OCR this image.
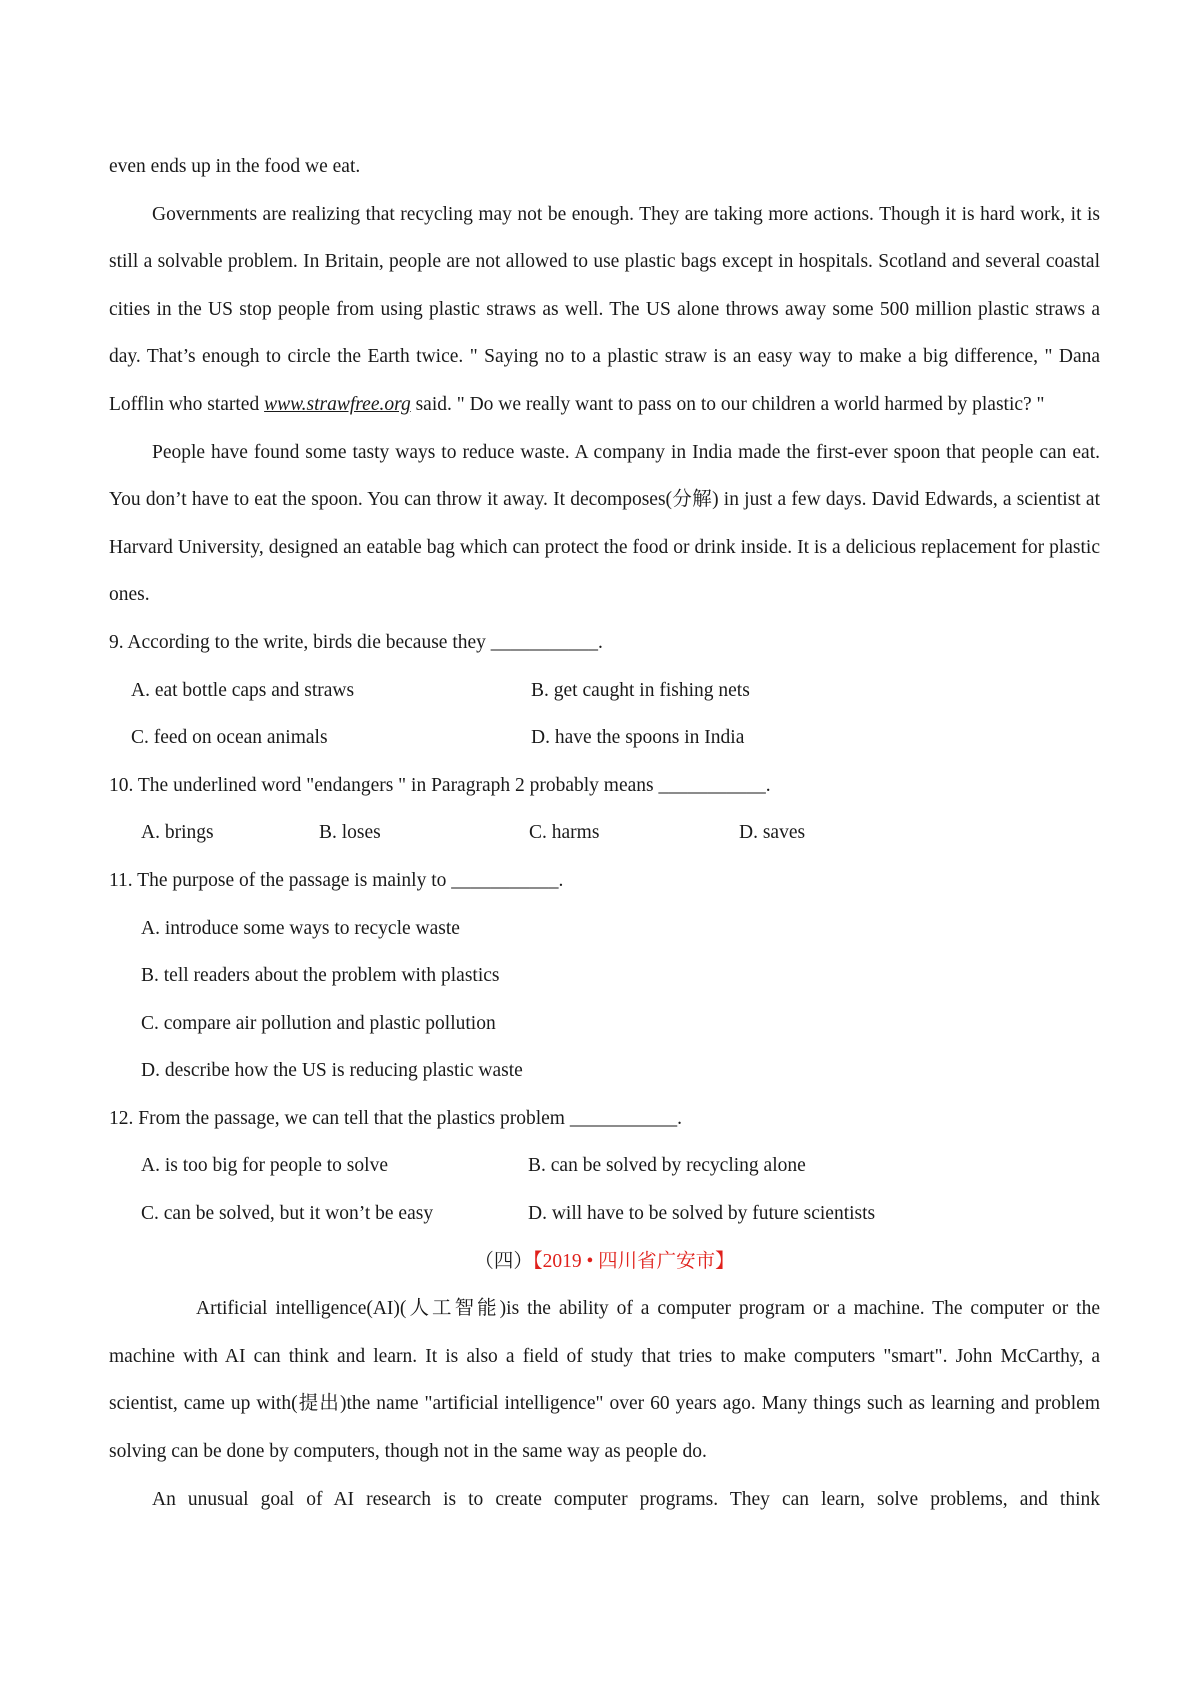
even ends up in the food we eat.

Governments are realizing that recycling may not be enough. They are taking more actions. Though it is hard work, it is still a solvable problem. In Britain, people are not allowed to use plastic bags except in hospitals. Scotland and several coastal cities in the US stop people from using plastic straws as well. The US alone throws away some 500 million plastic straws a day. That’s enough to circle the Earth twice. " Saying no to a plastic straw is an easy way to make a big difference, " Dana Lofflin who started www.strawfree.org said. " Do we really want to pass on to our children a world harmed by plastic? "

People have found some tasty ways to reduce waste. A company in India made the first-ever spoon that people can eat. You don’t have to eat the spoon. You can throw it away. It decomposes(分解) in just a few days. David Edwards, a scientist at Harvard University, designed an eatable bag which can protect the food or drink inside. It is a delicious replacement for plastic ones.

9. According to the write, birds die because they ___________.

A. eat bottle caps and straws	B. get caught in fishing nets
C. feed on ocean animals	D. have the spoons in India

10. The underlined word "endangers " in Paragraph 2 probably means ___________.

A. brings	B. loses	C. harms	D. saves

11. The purpose of the passage is mainly to ___________.

A. introduce some ways to recycle waste

B. tell readers about the problem with plastics

C. compare air pollution and plastic pollution

D. describe how the US is reducing plastic waste

12. From the passage, we can tell that the plastics problem ___________.

A. is too big for people to solve	B. can be solved by recycling alone
C. can be solved, but it won’t be easy	D. will have to be solved by future scientists

（四）【2019 • 四川省广安市】

Artificial intelligence(AI)(人工智能)is the ability of a computer program or a machine. The computer or the machine with AI can think and learn. It is also a field of study that tries to make computers "smart". John McCarthy, a scientist, came up with(提出)the name "artificial intelligence" over 60 years ago. Many things such as learning and problem solving can be done by computers, though not in the same way as people do.

An unusual goal of AI research is to create computer programs. They can learn, solve problems, and think
